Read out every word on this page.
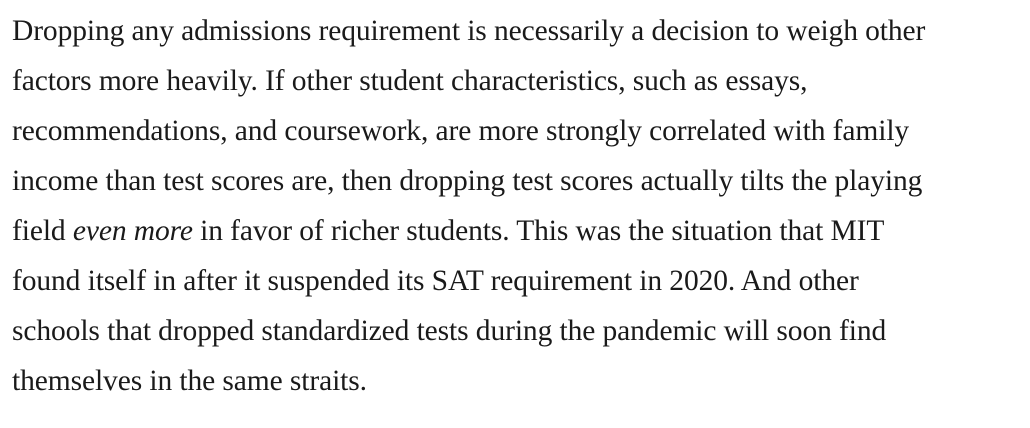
Dropping any admissions requirement is necessarily a decision to weigh other
factors more heavily. If other student characteristics, such as essays,
recommendations, and coursework, are more strongly correlated with family
income than test scores are, then dropping test scores actually tilts the playing
field even more in favor of richer students. This was the situation that MIT
found itself in after it suspended its SAT requirement in 2020. And other
schools that dropped standardized tests during the pandemic will soon find
themselves in the same straits.
